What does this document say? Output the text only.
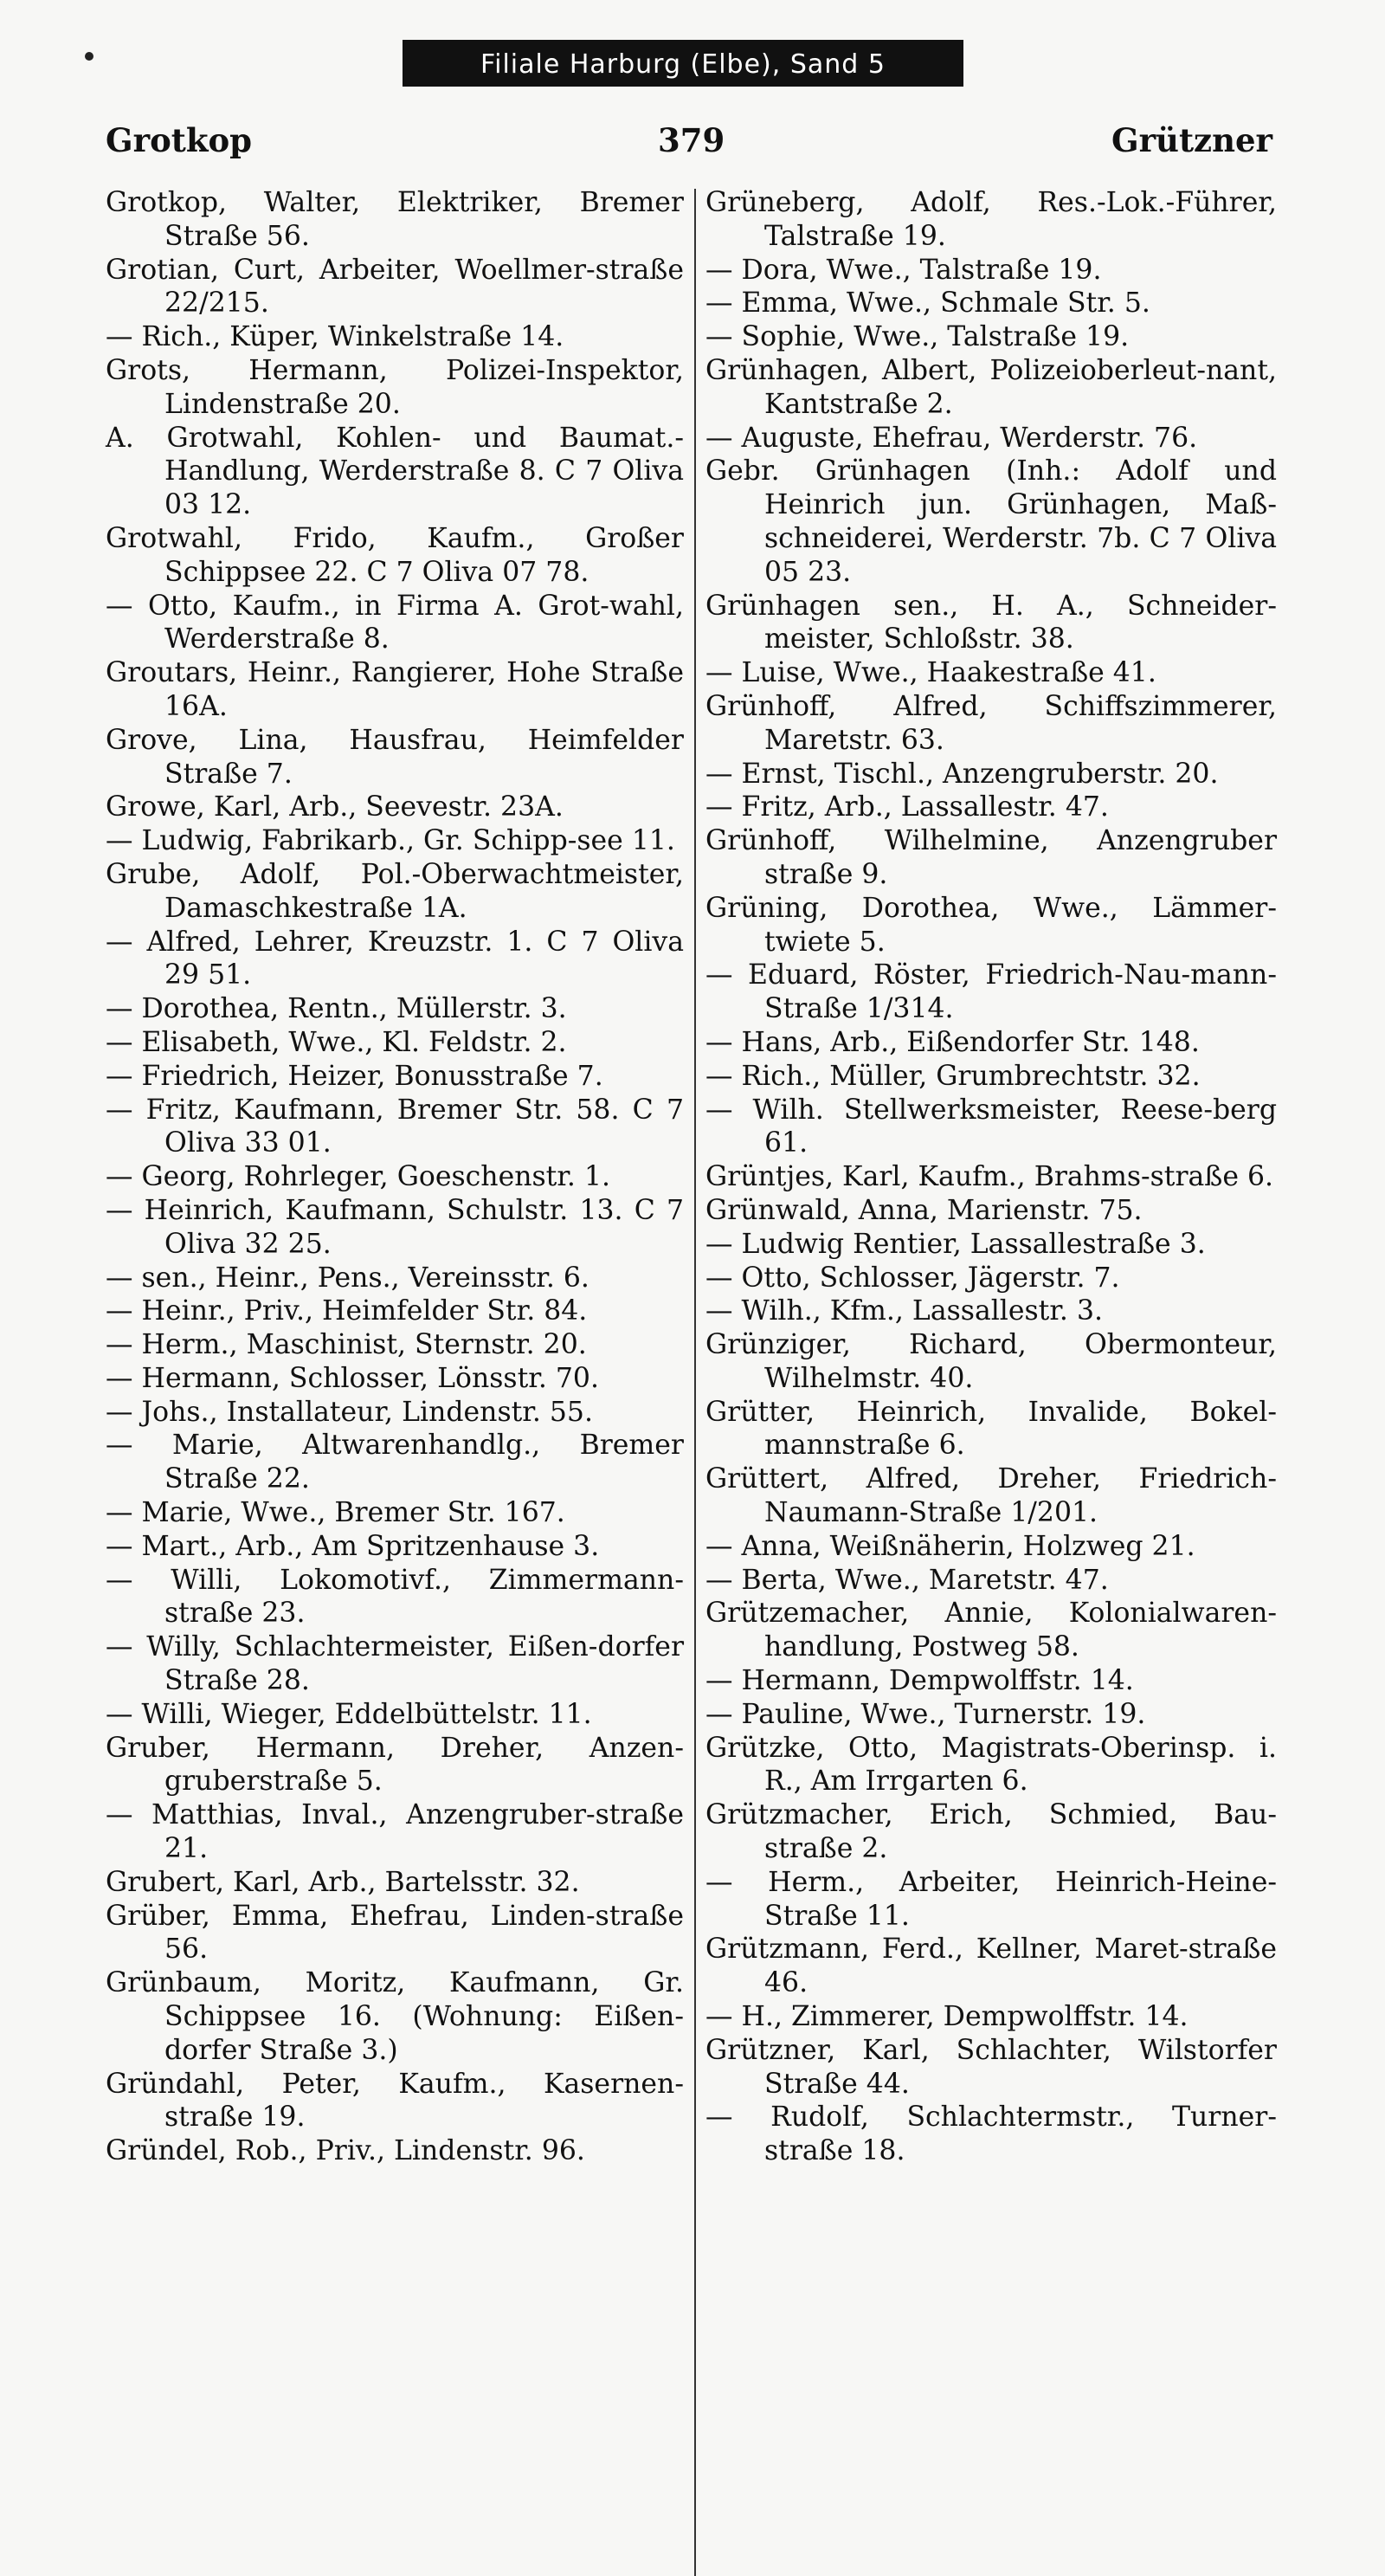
Filiale Harburg (Elbe), Sand 5
Grotkop	379	Grützner
Grotkop, Walter, Elektriker, Bremer Straße 56.
Grotian, Curt, Arbeiter, Woellmer-straße 22/215.
— Rich., Küper, Winkelstraße 14.
Grots, Hermann, Polizei-Inspektor, Lindenstraße 20.
A. Grotwahl, Kohlen- und Baumat.-Handlung, Werderstraße 8. C 7 Oliva 03 12.
Grotwahl, Frido, Kaufm., Großer Schippsee 22. C 7 Oliva 07 78.
— Otto, Kaufm., in Firma A. Grot-wahl, Werderstraße 8.
Groutars, Heinr., Rangierer, Hohe Straße 16A.
Grove, Lina, Hausfrau, Heimfelder Straße 7.
Growe, Karl, Arb., Seevestr. 23A.
— Ludwig, Fabrikarb., Gr. Schipp-see 11.
Grube, Adolf, Pol.-Oberwachtmeister, Damaschkestraße 1A.
— Alfred, Lehrer, Kreuzstr. 1. C 7 Oliva 29 51.
— Dorothea, Rentn., Müllerstr. 3.
— Elisabeth, Wwe., Kl. Feldstr. 2.
— Friedrich, Heizer, Bonusstraße 7.
— Fritz, Kaufmann, Bremer Str. 58. C 7 Oliva 33 01.
— Georg, Rohrleger, Goeschenstr. 1.
— Heinrich, Kaufmann, Schulstr. 13. C 7 Oliva 32 25.
— sen., Heinr., Pens., Vereinsstr. 6.
— Heinr., Priv., Heimfelder Str. 84.
— Herm., Maschinist, Sternstr. 20.
— Hermann, Schlosser, Lönsstr. 70.
— Johs., Installateur, Lindenstr. 55.
— Marie, Altwarenhandlg., Bremer Straße 22.
— Marie, Wwe., Bremer Str. 167.
— Mart., Arb., Am Spritzenhause 3.
— Willi, Lokomotivf., Zimmermann-straße 23.
— Willy, Schlachtermeister, Eißen-dorfer Straße 28.
— Willi, Wieger, Eddelbüttelstr. 11.
Gruber, Hermann, Dreher, Anzen-gruberstraße 5.
— Matthias, Inval., Anzengruber-straße 21.
Grubert, Karl, Arb., Bartelsstr. 32.
Grüber, Emma, Ehefrau, Linden-straße 56.
Grünbaum, Moritz, Kaufmann, Gr. Schippsee 16. (Wohnung: Eißen-dorfer Straße 3.)
Gründahl, Peter, Kaufm., Kasernen-straße 19.
Gründel, Rob., Priv., Lindenstr. 96.
Grüneberg, Adolf, Res.-Lok.-Führer, Talstraße 19.
— Dora, Wwe., Talstraße 19.
— Emma, Wwe., Schmale Str. 5.
— Sophie, Wwe., Talstraße 19.
Grünhagen, Albert, Polizeioberleut-nant, Kantstraße 2.
— Auguste, Ehefrau, Werderstr. 76.
Gebr. Grünhagen (Inh.: Adolf und Heinrich jun. Grünhagen, Maß-schneiderei, Werderstr. 7b. C 7 Oliva 05 23.
Grünhagen sen., H. A., Schneider-meister, Schloßstr. 38.
— Luise, Wwe., Haakestraße 41.
Grünhoff, Alfred, Schiffszimmerer, Maretstr. 63.
— Ernst, Tischl., Anzengruberstr. 20.
— Fritz, Arb., Lassallestr. 47.
Grünhoff, Wilhelmine, Anzengruber straße 9.
Grüning, Dorothea, Wwe., Lämmer-twiete 5.
— Eduard, Röster, Friedrich-Nau-mann-Straße 1/314.
— Hans, Arb., Eißendorfer Str. 148.
— Rich., Müller, Grumbrechtstr. 32.
— Wilh. Stellwerksmeister, Reese-berg 61.
Grüntjes, Karl, Kaufm., Brahms-straße 6.
Grünwald, Anna, Marienstr. 75.
— Ludwig Rentier, Lassallestraße 3.
— Otto, Schlosser, Jägerstr. 7.
— Wilh., Kfm., Lassallestr. 3.
Grünziger, Richard, Obermonteur, Wilhelmstr. 40.
Grütter, Heinrich, Invalide, Bokel-mannstraße 6.
Grüttert, Alfred, Dreher, Friedrich-Naumann-Straße 1/201.
— Anna, Weißnäherin, Holzweg 21.
— Berta, Wwe., Maretstr. 47.
Grützemacher, Annie, Kolonialwaren-handlung, Postweg 58.
— Hermann, Dempwolffstr. 14.
— Pauline, Wwe., Turnerstr. 19.
Grützke, Otto, Magistrats-Oberinsp. i. R., Am Irrgarten 6.
Grützmacher, Erich, Schmied, Bau-straße 2.
— Herm., Arbeiter, Heinrich-Heine-Straße 11.
Grützmann, Ferd., Kellner, Maret-straße 46.
— H., Zimmerer, Dempwolffstr. 14.
Grützner, Karl, Schlachter, Wilstorfer Straße 44.
— Rudolf, Schlachtermstr., Turner-straße 18.
